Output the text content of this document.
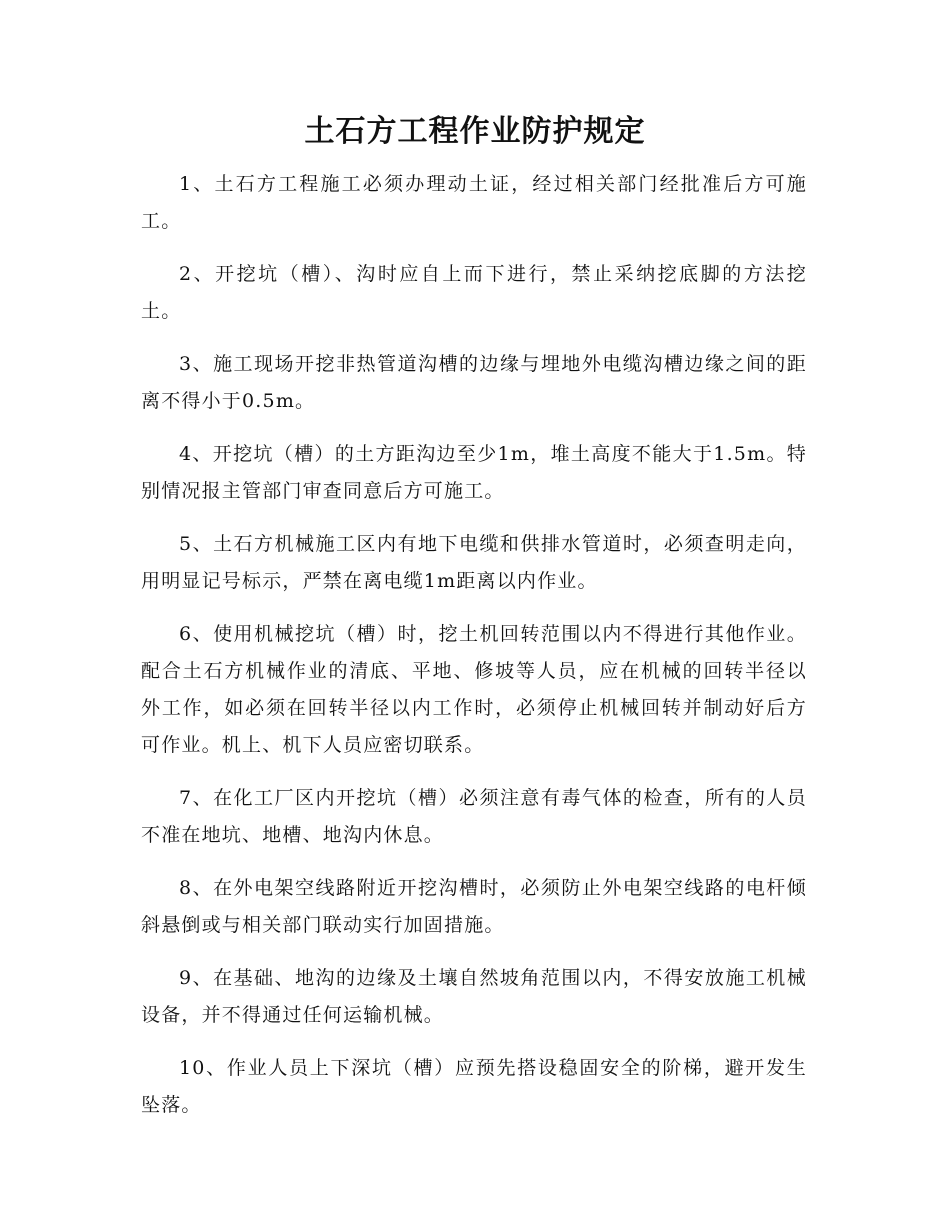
土石方工程作业防护规定

1、土石方工程施工必须办理动土证，经过相关部门经批准后方可施工。

2、开挖坑（槽）、沟时应自上而下进行，禁止采纳挖底脚的方法挖土。

3、施工现场开挖非热管道沟槽的边缘与埋地外电缆沟槽边缘之间的距离不得小于0.5m。

4、开挖坑（槽）的土方距沟边至少1m，堆土高度不能大于1.5m。特别情况报主管部门审查同意后方可施工。

5、土石方机械施工区内有地下电缆和供排水管道时，必须查明走向，用明显记号标示，严禁在离电缆1m距离以内作业。

6、使用机械挖坑（槽）时，挖土机回转范围以内不得进行其他作业。配合土石方机械作业的清底、平地、修坡等人员，应在机械的回转半径以外工作，如必须在回转半径以内工作时，必须停止机械回转并制动好后方可作业。机上、机下人员应密切联系。

7、在化工厂区内开挖坑（槽）必须注意有毒气体的检查，所有的人员不准在地坑、地槽、地沟内休息。

8、在外电架空线路附近开挖沟槽时，必须防止外电架空线路的电杆倾斜悬倒或与相关部门联动实行加固措施。

9、在基础、地沟的边缘及土壤自然坡角范围以内，不得安放施工机械设备，并不得通过任何运输机械。

10、作业人员上下深坑（槽）应预先搭设稳固安全的阶梯，避开发生坠落。
